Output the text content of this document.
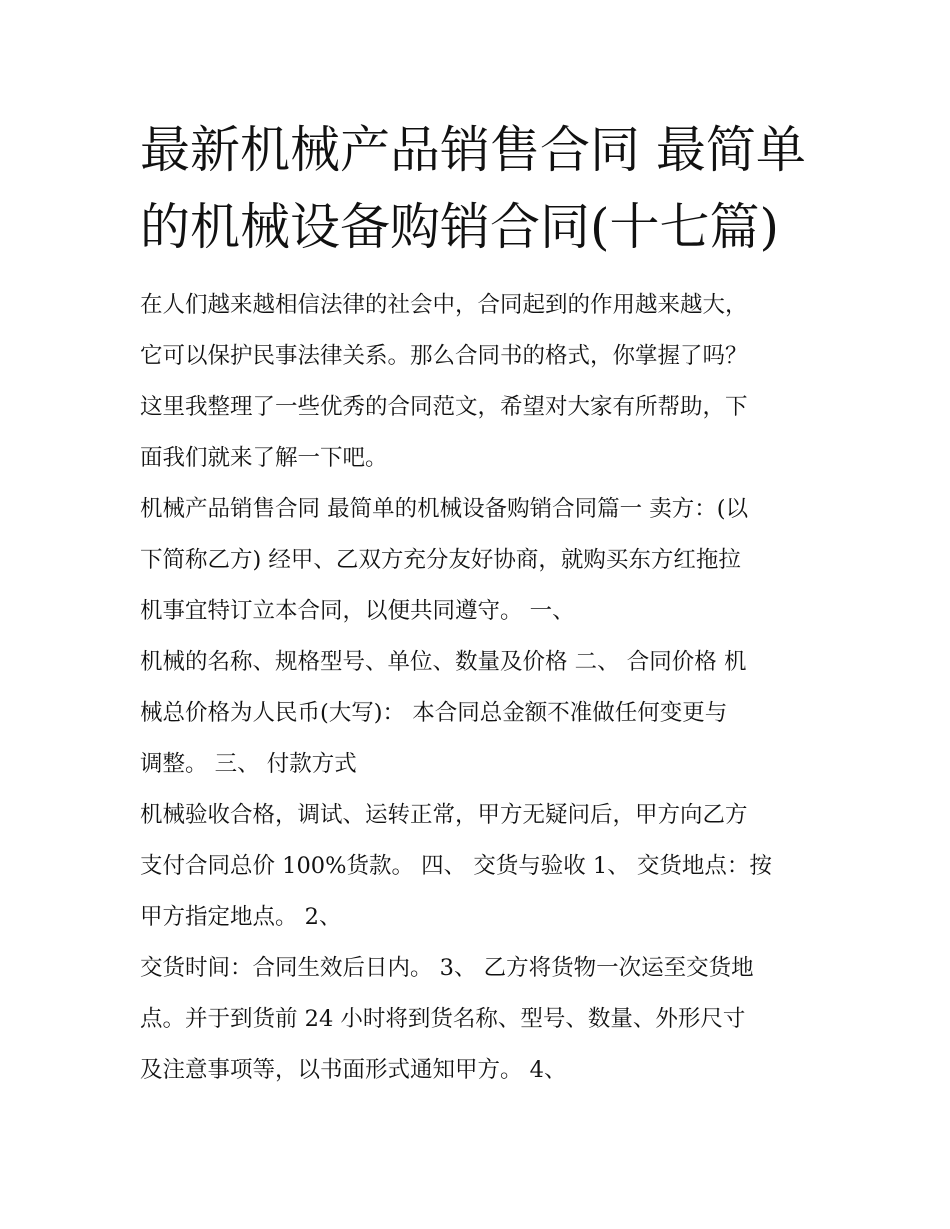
最新机械产品销售合同 最简单
的机械设备购销合同(十七篇)

在人们越来越相信法律的社会中，合同起到的作用越来越大，
它可以保护民事法律关系。那么合同书的格式，你掌握了吗？
这里我整理了一些优秀的合同范文，希望对大家有所帮助，下
面我们就来了解一下吧。

机械产品销售合同 最简单的机械设备购销合同篇一 卖方：(以
下简称乙方) 经甲、乙双方充分友好协商，就购买东方红拖拉
机事宜特订立本合同，以便共同遵守。 一、

机械的名称、规格型号、单位、数量及价格 二、 合同价格 机
械总价格为人民币(大写)： 本合同总金额不准做任何变更与
调整。 三、 付款方式

机械验收合格，调试、运转正常，甲方无疑问后，甲方向乙方
支付合同总价 100%货款。 四、 交货与验收 1、 交货地点：按
甲方指定地点。 2、

交货时间：合同生效后日内。 3、 乙方将货物一次运至交货地
点。并于到货前 24 小时将到货名称、型号、数量、外形尺寸
及注意事项等，以书面形式通知甲方。 4、
